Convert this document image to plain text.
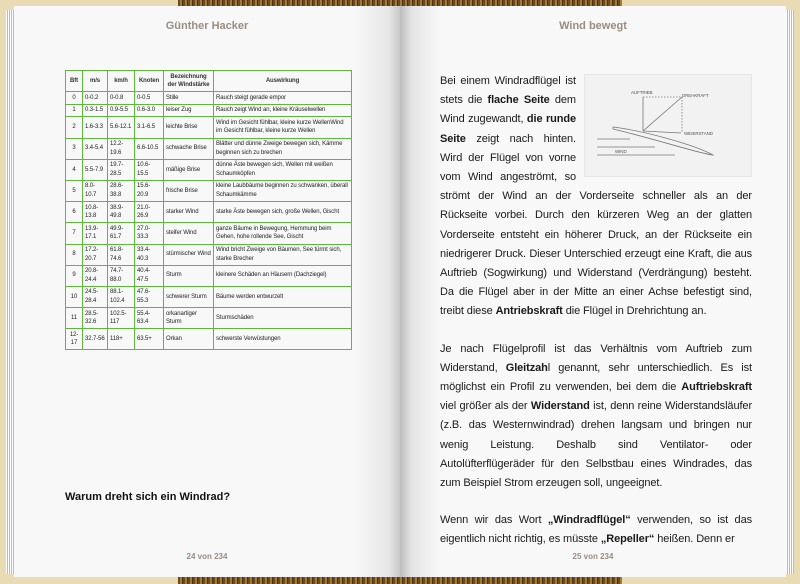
Günther Hacker
Bft	m/s	km/h	Knoten	Bezeichnung der Windstärke	Auswirkung
0	0-0.2	0-0.8	0-0.5	Stille	Rauch steigt gerade empor
1	0.3-1.5	0.9-5.5	0.6-3.0	leiser Zug	Rauch zeigt Wind an, kleine Kräuselwellen
2	1.6-3.3	5.6-12.1	3.1-6.5	leichte Brise	Wind im Gesicht fühlbar, kleine kurze WellenWind im Gesicht fühlbar, kleine kurze Wellen
3	3.4-5.4	12.2-19.6	6.6-10.5	schwache Brise	Blätter und dünne Zweige bewegen sich, Kämme beginnen sich zu brechen
4	5.5-7.9	19.7-28.5	10.6-15.5	mäßige Brise	dünne Äste bewegen sich, Wellen mit weißen Schaumköpfen
5	8.0-10.7	28.6-38.8	15.6-20.9	frische Brise	kleine Laubbäume beginnen zu schwanken, überall Schaumkämme
6	10.8-13.8	38.9-49.8	21.0-26.9	starker Wind	starke Äste bewegen sich, große Wellen, Gischt
7	13.9-17.1	49.9-61.7	27.0-33.3	steifer Wind	ganze Bäume in Bewegung, Hemmung beim Gehen, hohe rollende See, Gischt
8	17.2-20.7	61.8-74.6	33.4-40.3	stürmischer Wind	Wind bricht Zweige von Bäumen, See türmt sich, starke Brecher
9	20.8-24.4	74.7-88.0	40.4-47.5	Sturm	kleinere Schäden an Häusern (Dachziegel)
10	24.5-28.4	88.1-102.4	47.6-55.3	schwerer Sturm	Bäume werden entwurzelt
11	28.5-32.6	102.5-117	55.4-63.4	orkanartiger Sturm	Sturmschäden
12-17	32.7-56	118+	63.5+	Orkan	schwerste Verwüstungen
Warum dreht sich ein Windrad?
24 von 234
Wind bewegt
AUFTRIEB
DREHKRAFT
WIDERSTAND
WIND

Bei einem Windradflügel ist stets die flache Seite dem Wind zugewandt, die runde Seite zeigt nach hinten. Wird der Flügel von vorne vom Wind angeströmt, so strömt der Wind an der Vorderseite schneller als an der Rückseite vorbei. Durch den kürzeren Weg an der glatten Vorderseite entsteht ein höherer Druck, an der Rückseite ein niedrigerer Druck. Dieser Unterschied erzeugt eine Kraft, die aus Auftrieb (Sogwirkung) und Widerstand (Verdrängung) besteht. Da die Flügel aber in der Mitte an einer Achse befestigt sind, treibt diese Antriebskraft die Flügel in Drehrichtung an.

Je nach Flügelprofil ist das Verhältnis vom Auftrieb zum Widerstand, Gleitzahl genannt, sehr unterschiedlich. Es ist möglichst ein Profil zu verwenden, bei dem die Auftriebskraft viel größer als der Widerstand ist, denn reine Widerstandsläufer (z.B. das Westernwindrad) drehen langsam und bringen nur wenig Leistung. Deshalb sind Ventilator- oder Autolüfterflügeräder für den Selbstbau eines Windrades, das zum Beispiel Strom erzeugen soll, ungeeignet.

Wenn wir das Wort „Windradflügel“ verwenden, so ist das eigentlich nicht richtig, es müsste „Repeller“ heißen. Denn er

25 von 234
